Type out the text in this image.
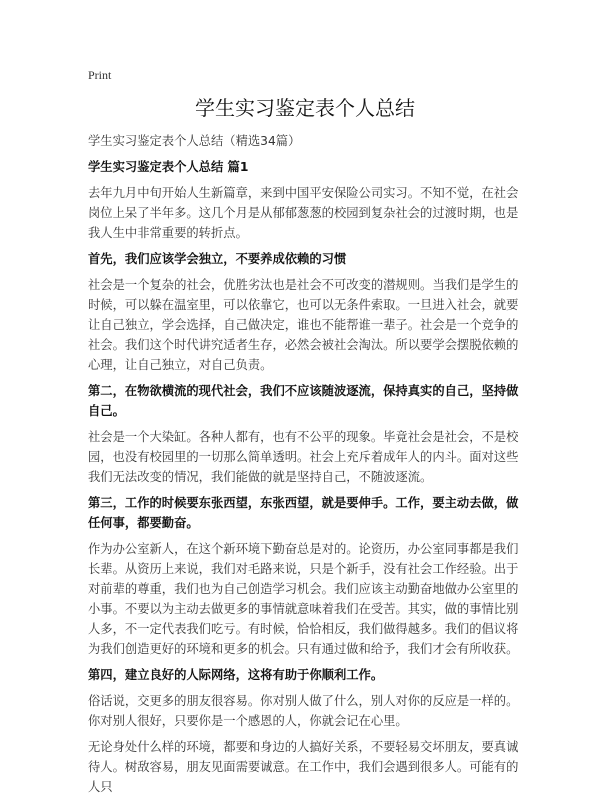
Print
学生实习鉴定表个人总结
学生实习鉴定表个人总结（精选34篇）
学生实习鉴定表个人总结 篇1

去年九月中旬开始人生新篇章，来到中国平安保险公司实习。不知不觉，在社会岗位上呆了半年多。这几个月是从郁郁葱葱的校园到复杂社会的过渡时期，也是我人生中非常重要的转折点。

首先，我们应该学会独立，不要养成依赖的习惯

社会是一个复杂的社会，优胜劣汰也是社会不可改变的潜规则。当我们是学生的时候，可以躲在温室里，可以依靠它，也可以无条件索取。一旦进入社会，就要让自己独立，学会选择，自己做决定，谁也不能帮谁一辈子。社会是一个竞争的社会。我们这个时代讲究适者生存，必然会被社会淘汰。所以要学会摆脱依赖的心理，让自己独立，对自己负责。

第二，在物欲横流的现代社会，我们不应该随波逐流，保持真实的自己，坚持做自己。

社会是一个大染缸。各种人都有，也有不公平的现象。毕竟社会是社会，不是校园，也没有校园里的一切那么简单透明。社会上充斥着成年人的内斗。面对这些我们无法改变的情况，我们能做的就是坚持自己，不随波逐流。

第三，工作的时候要东张西望，东张西望，就是要伸手。工作，要主动去做，做任何事，都要勤奋。

作为办公室新人，在这个新环境下勤奋总是对的。论资历，办公室同事都是我们长辈。从资历上来说，我们对毛路来说，只是个新手，没有社会工作经验。出于对前辈的尊重，我们也为自己创造学习机会。我们应该主动勤奋地做办公室里的小事。不要以为主动去做更多的事情就意味着我们在受苦。其实，做的事情比别人多，不一定代表我们吃亏。有时候，恰恰相反，我们做得越多。我们的倡议将为我们创造更好的环境和更多的机会。只有通过做和给予，我们才会有所收获。

第四，建立良好的人际网络，这将有助于你顺利工作。

俗话说，交更多的朋友很容易。你对别人做了什么，别人对你的反应是一样的。你对别人很好，只要你是一个感恩的人，你就会记在心里。

无论身处什么样的环境，都要和身边的人搞好关系，不要轻易交坏朋友，要真诚待人。树敌容易，朋友见面需要诚意。在工作中，我们会遇到很多人。可能有的人只
